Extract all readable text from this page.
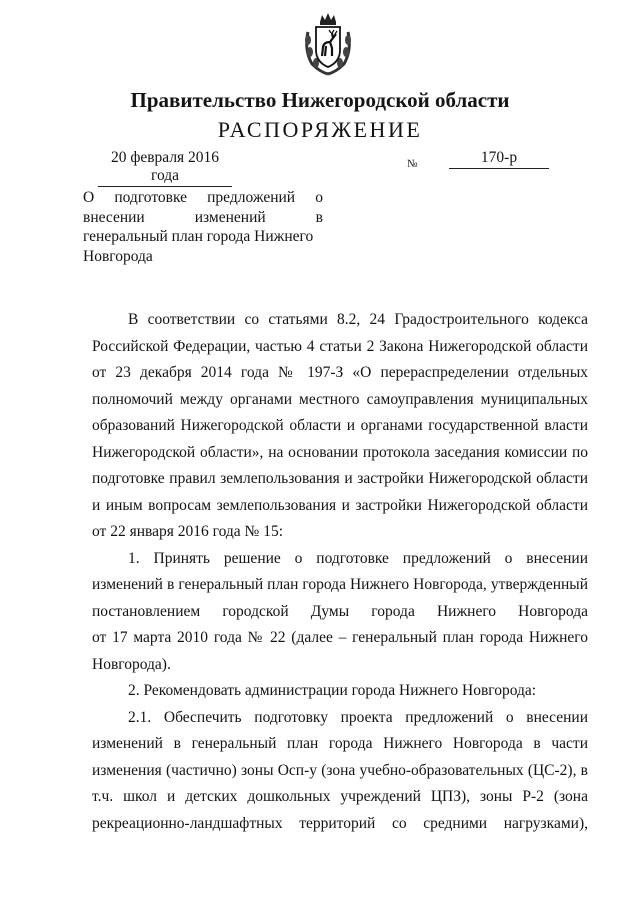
Правительство Нижегородской области
РАСПОРЯЖЕНИЕ
20 февраля 2016 года
№	170-р
О подготовке предложений о
внесении изменений в
генеральный план города Нижнего
Новгорода
В соответствии со статьями 8.2, 24 Градостроительного кодекса
Российской Федерации, частью 4 статьи 2 Закона Нижегородской области
от 23 декабря 2014 года № 197-З «О перераспределении отдельных
полномочий между органами местного самоуправления муниципальных
образований Нижегородской области и органами государственной власти
Нижегородской области», на основании протокола заседания комиссии по
подготовке правил землепользования и застройки Нижегородской области
и иным вопросам землепользования и застройки Нижегородской области
от 22 января 2016 года № 15:
1. Принять решение о подготовке предложений о внесении
изменений в генеральный план города Нижнего Новгорода, утвержденный
постановлением городской Думы города Нижнего Новгорода
от 17 марта 2010 года № 22 (далее – генеральный план города Нижнего
Новгорода).
2. Рекомендовать администрации города Нижнего Новгорода:
2.1. Обеспечить подготовку проекта предложений о внесении
изменений в генеральный план города Нижнего Новгорода в части
изменения (частично) зоны Осп-у (зона учебно-образовательных (ЦС-2), в
т.ч. школ и детских дошкольных учреждений ЦПЗ), зоны Р-2 (зона
рекреационно-ландшафтных территорий со средними нагрузками),
